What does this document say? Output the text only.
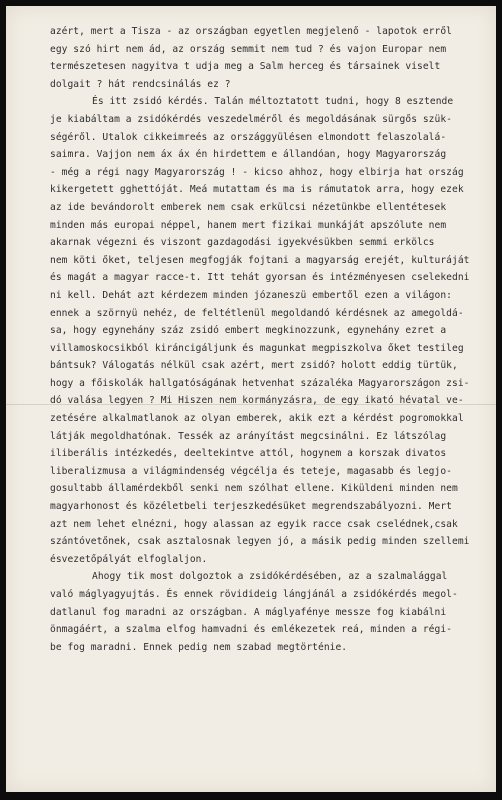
azért, mert a Tisza - az országban egyetlen megjelenő - lapotok erről
egy szó hirt nem ád, az ország semmit nem tud ? és vajon Europar nem
természetesen nagyitva t udja meg a Salm herceg és társainek viselt
dolgait ? hát rendcsinálás ez ?
És itt zsidó kérdés. Talán méltoztatott tudni, hogy 8 esztende
je kiabáltam a zsidókérdés veszedelméről és megoldásának sürgős szük-
ségéről. Utalok cikkeimreés az országgyülésen elmondott felaszolalá-
saimra. Vajjon nem áx áx én hirdettem e állandóan, hogy Magyarország
- még a régi nagy Magyarország ! - kicso ahhoz, hogy elbirja hat ország
kikergetett gghettóját. Meá mutattam és ma is rámutatok arra, hogy ezek
az ide bevándorolt emberek nem csak erkülcsi nézetünkbe ellentétesek
minden más europai néppel, hanem mert fizikai munkáját apszólute nem
akarnak végezni és viszont gazdagodási igyekvésükben semmi erkölcs
nem köti őket, teljesen megfogják fojtani a magyarság erejét, kulturáját
és magát a magyar racce-t. Itt tehát gyorsan és intézményesen cselekedni
ni kell. Dehát azt kérdezem minden józaneszü embertől ezen a világon:
ennek a szörnyü nehéz, de feltétlenül megoldandó kérdésnek az amegoldá-
sa, hogy egynehány száz zsidó embert megkinozzunk, egynehány ezret a
villamoskocsikból kiráncigáljunk és magunkat megpiszkolva őket testileg
bántsuk? Válogatás nélkül csak azért, mert zsidó? holott eddig türtük,
hogy a főiskolák hallgatóságának hetvenhat százaléka Magyarországon zsi-
dó valása legyen ? Mi Hiszen nem kormányzásra, de egy ikató hévatal ve-
zetésére alkalmatlanok az olyan emberek, akik ezt a kérdést pogromokkal
látják megoldhatónak. Tessék az arányítást megcsinálni. Ez látszólag
iliberális intézkedés, deeltekintve attól, hogynem a korszak divatos
liberalizmusa a világmindenség végcélja és teteje, magasabb és legjo-
gosultabb államérdekből senki nem szólhat ellene. Kiküldeni minden nem
magyarhonost és közéletbeli terjeszkedésüket megrendszabályozni. Mert
azt nem lehet elnézni, hogy alassan az egyik racce csak cselédnek,csak
szántóvetőnek, csak asztalosnak legyen jó, a másik pedig minden szellemi
ésvezetőpályát elfoglaljon.
Ahogy tik most dolgoztok a zsidókérdésében, az a szalmalággal
való máglyagyujtás. És ennek rövidideig lángjánál a zsidókérdés megol-
datlanul fog maradni az országban. A máglyafénye messze fog kiabálni
önmagáért, a szalma elfog hamvadni és emlékezetek reá, minden a régi-
be fog maradni. Ennek pedig nem szabad megtörténie.
